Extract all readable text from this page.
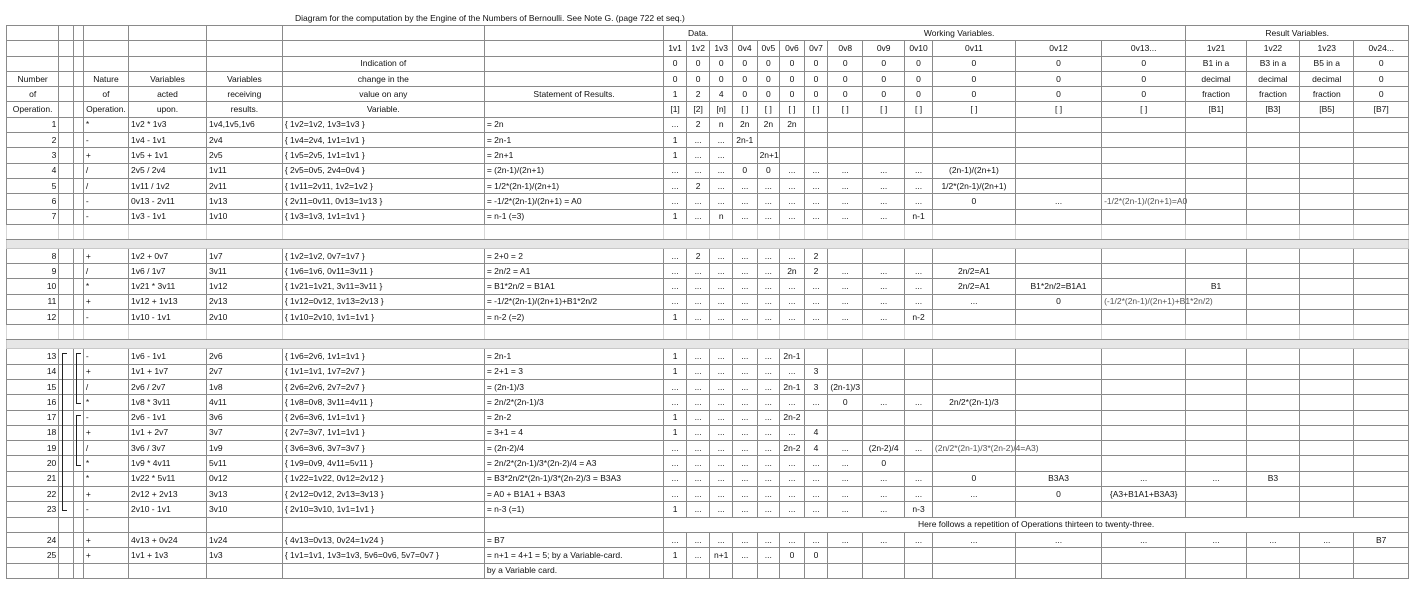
Diagram for the computation by the Engine of the Numbers of Bernoulli. See Note G. (page 722 et seq.)
								Data.			Working Variables.										Result Variables.			
								1v1	1v2	1v3	0v4	0v5	0v6	0v7	0v8	0v9	0v10	0v11	0v12	0v13...	1v21	1v22	1v23	0v24...
						Indication of		0	0	0	0	0	0	0	0	0	0	0	0	0	B1 in a	B3 in a	B5 in a	0
Number			Nature	Variables	Variables	change in the		0	0	0	0	0	0	0	0	0	0	0	0	0	decimal	decimal	decimal	0
of			of	acted	receiving	value on any	Statement of Results.	1	2	4	0	0	0	0	0	0	0	0	0	0	fraction	fraction	fraction	0
Operation.			Operation.	upon.	results.	Variable.		[1]	[2]	[n]	[ ]	[ ]	[ ]	[ ]	[ ]	[ ]	[ ]	[ ]	[ ]	[ ]	[B1]	[B3]	[B5]	[B7]
1			*	1v2 * 1v3	1v4,1v5,1v6	{ 1v2=1v2, 1v3=1v3 }	= 2n	...	2	n	2n	2n	2n											
2			-	1v4 - 1v1	2v4	{ 1v4=2v4, 1v1=1v1 }	= 2n-1	1	...	...	2n-1													
3			+	1v5 + 1v1	2v5	{ 1v5=2v5, 1v1=1v1 }	= 2n+1	1	...	...		2n+1												
4			/	2v5 / 2v4	1v11	{ 2v5=0v5, 2v4=0v4 }	= (2n-1)/(2n+1)	...	...	...	0	0	...	...	...	...	...	(2n-1)/(2n+1)						
5			/	1v11 / 1v2	2v11	{ 1v11=2v11, 1v2=1v2 }	= 1/2*(2n-1)/(2n+1)	...	2	...	...	...	...	...	...	...	...	1/2*(2n-1)/(2n+1)						
6			-	0v13 - 2v11	1v13	{ 2v11=0v11, 0v13=1v13 }	= -1/2*(2n-1)/(2n+1) = A0	...	...	...	...	...	...	...	...	...	...	0	...	-1/2*(2n-1)/(2n+1)=A0				
7			-	1v3 - 1v1	1v10	{ 1v3=1v3, 1v1=1v1 }	= n-1 (=3)	1	...	n	...	...	...	...	...	...	n-1							

8			+	1v2 + 0v7	1v7	{ 1v2=1v2, 0v7=1v7 }	= 2+0 = 2	...	2	...	...	...	...	2										
9			/	1v6 / 1v7	3v11	{ 1v6=1v6, 0v11=3v11 }	= 2n/2 = A1	...	...	...	...	...	2n	2	...	...	...	2n/2=A1						
10			*	1v21 * 3v11	1v12	{ 1v21=1v21, 3v11=3v11 }	= B1*2n/2 = B1A1	...	...	...	...	...	...	...	...	...	...	2n/2=A1	B1*2n/2=B1A1		B1			
11			+	1v12 + 1v13	2v13	{ 1v12=0v12, 1v13=2v13 }	= -1/2*(2n-1)/(2n+1)+B1*2n/2	...	...	...	...	...	...	...	...	...	...	...	0	(-1/2*(2n-1)/(2n+1)+B1*2n/2)				
12			-	1v10 - 1v1	2v10	{ 1v10=2v10, 1v1=1v1 }	= n-2 (=2)	1	...	...	...	...	...	...	...	...	n-2							

13			-	1v6 - 1v1	2v6	{ 1v6=2v6, 1v1=1v1 }	= 2n-1	1	...	...	...	...	2n-1											
14			+	1v1 + 1v7	2v7	{ 1v1=1v1, 1v7=2v7 }	= 2+1 = 3	1	...	...	...	...	...	3										
15			/	2v6 / 2v7	1v8	{ 2v6=2v6, 2v7=2v7 }	= (2n-1)/3	...	...	...	...	...	2n-1	3	(2n-1)/3									
16			*	1v8 * 3v11	4v11	{ 1v8=0v8, 3v11=4v11 }	= 2n/2*(2n-1)/3	...	...	...	...	...	...	...	0	...	...	2n/2*(2n-1)/3						
17			-	2v6 - 1v1	3v6	{ 2v6=3v6, 1v1=1v1 }	= 2n-2	1	...	...	...	...	2n-2											
18			+	1v1 + 2v7	3v7	{ 2v7=3v7, 1v1=1v1 }	= 3+1 = 4	1	...	...	...	...	...	4										
19			/	3v6 / 3v7	1v9	{ 3v6=3v6, 3v7=3v7 }	= (2n-2)/4	...	...	...	...	...	2n-2	4	...	(2n-2)/4	...	(2n/2*(2n-1)/3*(2n-2)/4=A3)						
20			*	1v9 * 4v11	5v11	{ 1v9=0v9, 4v11=5v11 }	= 2n/2*(2n-1)/3*(2n-2)/4 = A3	...	...	...	...	...	...	...	...	0								
21			*	1v22 * 5v11	0v12	{ 1v22=1v22, 0v12=2v12 }	= B3*2n/2*(2n-1)/3*(2n-2)/3 = B3A3	...	...	...	...	...	...	...	...	...	...	0	B3A3	...	...	B3		
22			+	2v12 + 2v13	3v13	{ 2v12=0v12, 2v13=3v13 }	= A0 + B1A1 + B3A3	...	...	...	...	...	...	...	...	...	...	...	0	{A3+B1A1+B3A3}				
23			-	2v10 - 1v1	3v10	{ 2v10=3v10, 1v1=1v1 }	= n-3 (=1)	1	...	...	...	...	...	...	...	...	n-3							
								Here follows a repetition of Operations thirteen to twenty-three.																
24			+	4v13 + 0v24	1v24	{ 4v13=0v13, 0v24=1v24 }	= B7	...	...	...	...	...	...	...	...	...	...	...	...	...	...	...	...	B7
25			+	1v1 + 1v3	1v3	{ 1v1=1v1, 1v3=1v3, 5v6=0v6, 5v7=0v7 }	= n+1 = 4+1 = 5; by a Variable-card.	1	...	n+1	...	...	0	0										
							by a Variable card.																	
